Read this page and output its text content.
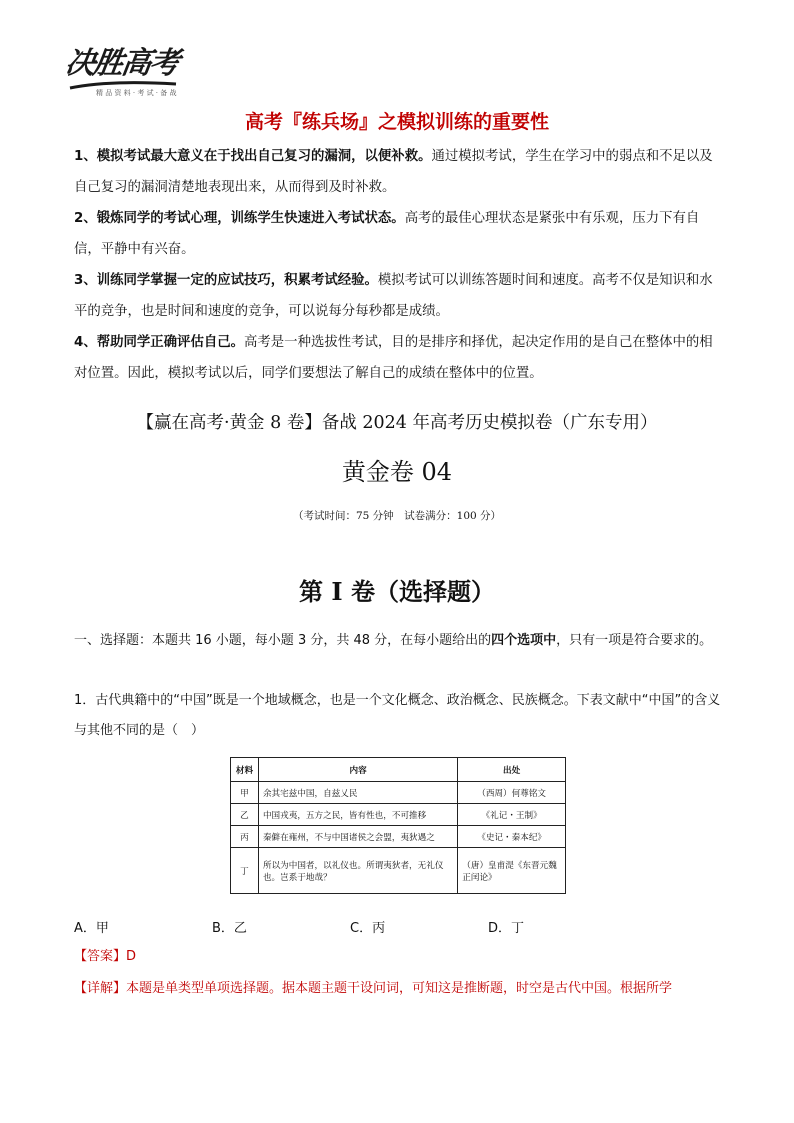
决胜高考
精 品 资 料 · 考 试 · 备 战
高考『练兵场』之模拟训练的重要性
1、模拟考试最大意义在于找出自己复习的漏洞，以便补救。通过模拟考试，学生在学习中的弱点和不足以及自己复习的漏洞清楚地表现出来，从而得到及时补救。
2、锻炼同学的考试心理，训练学生快速进入考试状态。高考的最佳心理状态是紧张中有乐观，压力下有自信，平静中有兴奋。
3、训练同学掌握一定的应试技巧，积累考试经验。模拟考试可以训练答题时间和速度。高考不仅是知识和水平的竞争，也是时间和速度的竞争，可以说每分每秒都是成绩。
4、帮助同学正确评估自己。高考是一种选拔性考试，目的是排序和择优，起决定作用的是自己在整体中的相对位置。因此，模拟考试以后，同学们要想法了解自己的成绩在整体中的位置。
【赢在高考·黄金 8 卷】备战 2024 年高考历史模拟卷（广东专用）
黄金卷 04
（考试时间：75 分钟　试卷满分：100 分）
第 I 卷（选择题）
一、选择题：本题共 16 小题，每小题 3 分，共 48 分，在每小题给出的四个选项中，只有一项是符合要求的。
1．古代典籍中的“中国”既是一个地域概念，也是一个文化概念、政治概念、民族概念。下表文献中“中国”的含义与其他不同的是（　）
材料	内容	出处
甲	余其宅兹中国，自兹乂民	（西周）何尊铭文
乙	中国戎夷，五方之民，皆有性也，不可推移	《礼记・王制》
丙	秦僻在雍州，不与中国诸侯之会盟，夷狄遇之	《史记・秦本纪》
丁	所以为中国者，以礼仪也。所谓夷狄者，无礼仪也。岂系于地哉？	（唐）皇甫湜《东晋元魏正闰论》
A．甲	B．乙	C．丙	D．丁
【答案】D
【详解】本题是单类型单项选择题。据本题主题干设问词，可知这是推断题，时空是古代中国。根据所学
